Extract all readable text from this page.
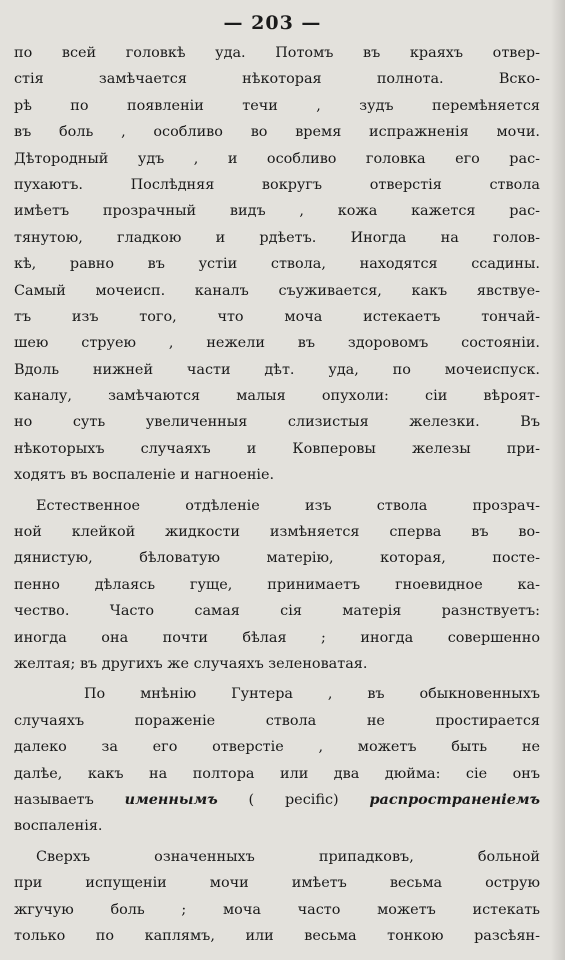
— 203 —
по всей головкѣ уда. Потомъ въ краяхъ отвер-
стія замѣчается нѣкоторая полнота. Вско-
рѣ по появленіи течи , зудъ перемѣняется
въ боль , особливо во время испражненія мочи.
Дѣторoдный удъ , и особливо головка его рас-
пухаютъ. Послѣдняя вокругъ отверстія ствола
имѣетъ прозрачный видъ , кожа кажется рас-
тянутою, гладкою и рдѣетъ. Иногда на голов-
кѣ, равно въ устіи ствола, находятся ссадины.
Самый мочеисп. каналъ съуживается, какъ явствуе-
тъ изъ того, что моча истекаетъ тончай-
шею струею , нежели въ здоровомъ состояніи.
Вдоль нижней части дѣт. уда, по мочеиспуск.
каналу, замѣчаются малыя опухоли: сіи вѣроят-
но суть увеличенныя слизистыя железки. Въ
нѣкоторыхъ случаяхъ и Ковперовы железы при-
ходятъ въ воспаленіе и нагноеніе.
Естественное отдѣленіе изъ ствола прозрач-
ной клейкой жидкости измѣняется сперва въ во-
дянистую, бѣловатую матерію, которая, посте-
пенно дѣлаясь гуще, принимаетъ гноевидное ка-
чество. Часто самая сія матерія разнствуетъ:
иногда она почти бѣлая ; иногда совершенно
желтая; въ другихъ же случаяхъ зеленоватая.
По мнѣнію Гунтера , въ обыкновенныхъ
случаяхъ пораженіе ствола не простирается
далеко за его отверстіе , можетъ быть не
далѣе, какъ на полтора или два дюйма: сіе онъ
называетъ именнымъ ( pecific) распространеніемъ
воспаленія.
Сверхъ означенныхъ припадковъ, больной
при испущеніи мочи имѣетъ весьма острую
жгучую боль ; моча часто можетъ истекать
только по каплямъ, или весьма тонкою разсѣян-
